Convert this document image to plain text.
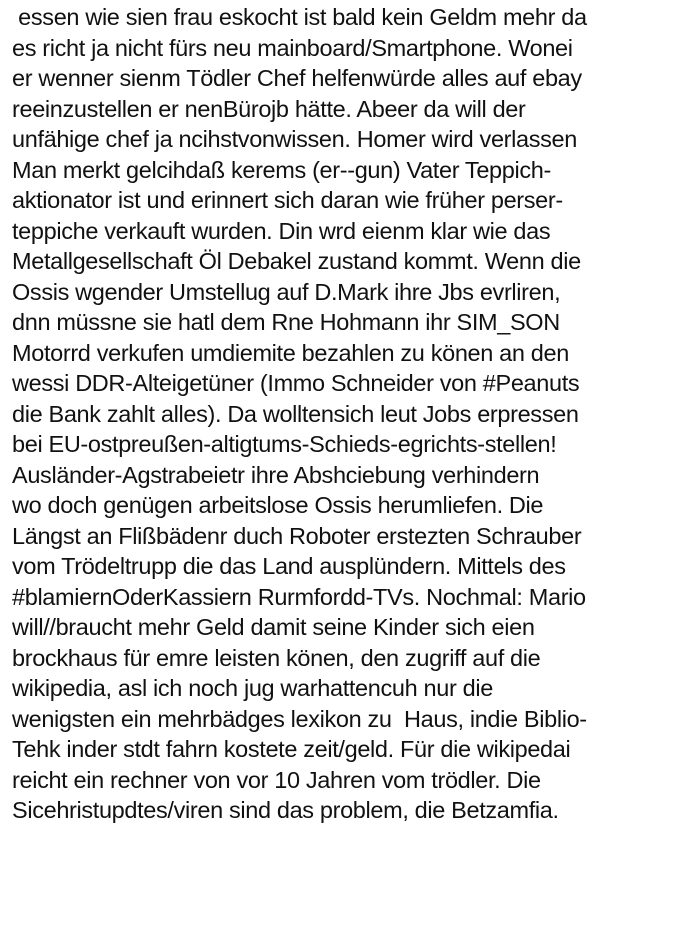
essen wie sien frau eskocht ist bald kein Geldm mehr da
es richt ja nicht fürs neu mainboard/Smartphone. Wonei
er wenner sienm Tödler Chef helfenwürde alles auf ebay
reeinzustellen er nenBürojb hätte. Abeer da will der
unfähige chef ja ncihstvonwissen. Homer wird verlassen
Man merkt gelcihdaß kerems (er--gun) Vater Teppich-
aktionator ist und erinnert sich daran wie früher perser-
teppiche verkauft wurden. Din wrd eienm klar wie das
Metallgesellschaft Öl Debakel zustand kommt. Wenn die
Ossis wgender Umstellug auf D.Mark ihre Jbs evrliren,
dnn müssne sie hatl dem Rne Hohmann ihr SIM_SON
Motorrd verkufen umdiemite bezahlen zu könen an den
wessi DDR-Alteigetüner (Immo Schneider von #Peanuts
die Bank zahlt alles). Da wolltensich leut Jobs erpressen
bei EU-ostpreußen-altigtums-Schieds-egrichts-stellen!
Ausländer-Agstrabeietr ihre Abshciebung verhindern
wo doch genügen arbeitslose Ossis herumliefen. Die
Längst an Flißbädenr duch Roboter erstezten Schrauber
vom Trödeltrupp die das Land ausplündern. Mittels des
#blamiernOderKassiern Rurmfordd-TVs. Nochmal: Mario
will//braucht mehr Geld damit seine Kinder sich eien
brockhaus für emre leisten könen, den zugriff auf die
wikipedia, asl ich noch jug warhattencuh nur die
wenigsten ein mehrbädges lexikon zu  Haus, indie Biblio-
Tehk inder stdt fahrn kostete zeit/geld. Für die wikipedai
reicht ein rechner von vor 10 Jahren vom trödler. Die
Sicehristupdtes/viren sind das problem, die Betzamfia.
